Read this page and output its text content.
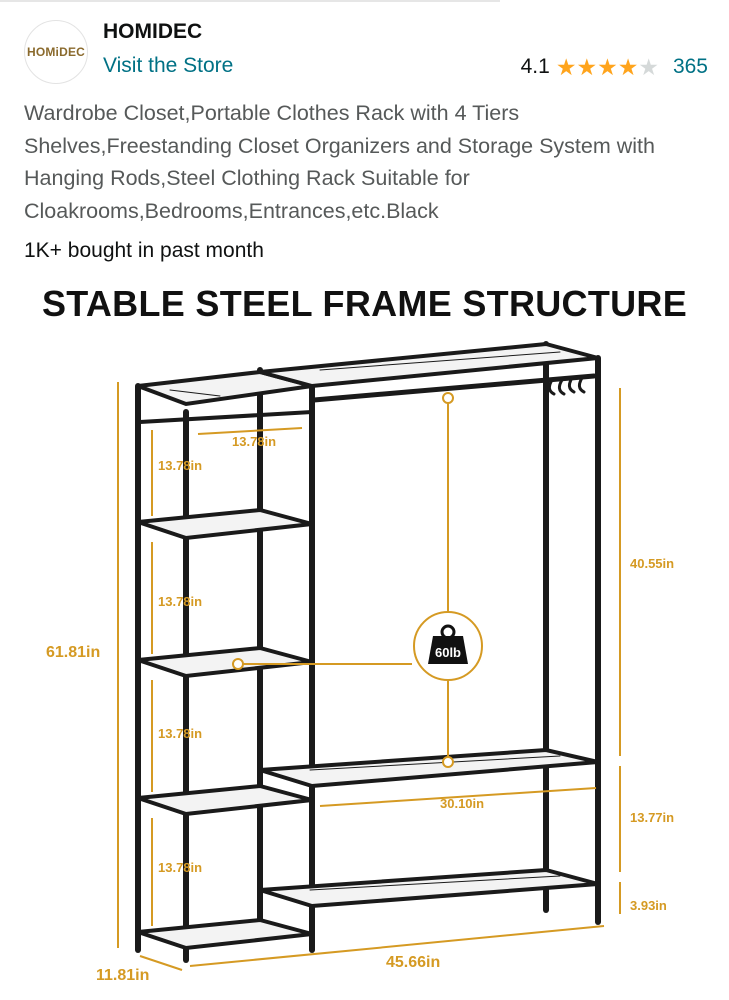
HOMiDEC
HOMIDEC
Visit the Store	4.1 ★ ★ ★ ★ ★ 365
Wardrobe Closet,Portable Clothes Rack with 4 Tiers Shelves,Freestanding Closet Organizers and Storage System with Hanging Rods,Steel Clothing Rack Suitable for Cloakrooms,Bedrooms,Entrances,etc.Black
1K+ bought in past month
STABLE STEEL FRAME STRUCTURE
60lb
13.78in
13.78in
13.78in
13.78in
13.78in
61.81in
40.55in
30.10in
13.77in
3.93in
11.81in
45.66in
